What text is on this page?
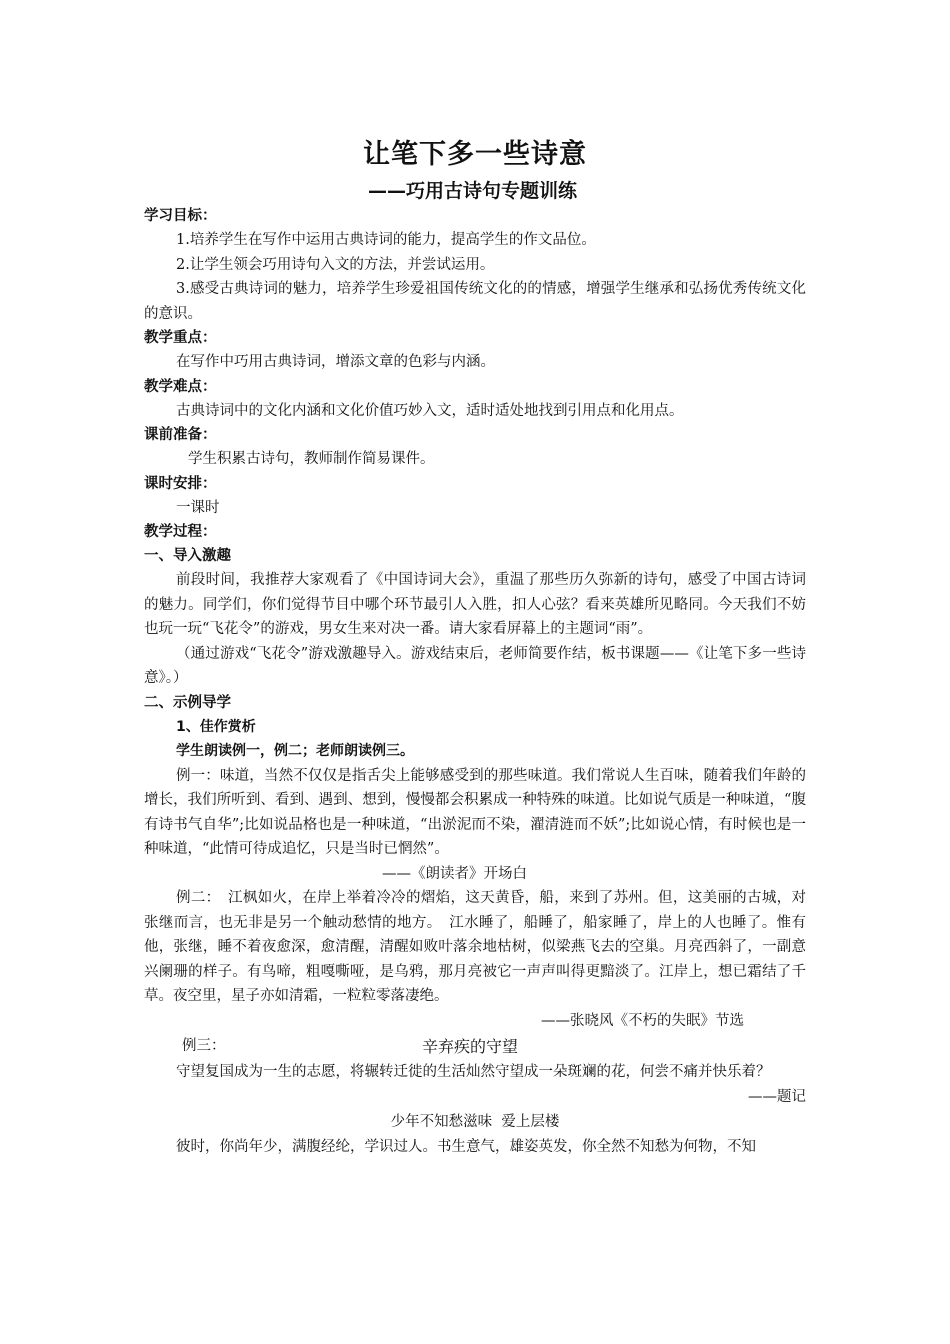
让笔下多一些诗意
——巧用古诗句专题训练
学习目标：

1.培养学生在写作中运用古典诗词的能力，提高学生的作文品位。

2.让学生领会巧用诗句入文的方法，并尝试运用。

3.感受古典诗词的魅力，培养学生珍爱祖国传统文化的的情感，增强学生继承和弘扬优秀传统文化的意识。

教学重点：

在写作中巧用古典诗词，增添文章的色彩与内涵。

教学难点：

古典诗词中的文化内涵和文化价值巧妙入文，适时适处地找到引用点和化用点。

课前准备：

学生积累古诗句，教师制作简易课件。

课时安排：

一课时

教学过程：
一、导入激趣

前段时间，我推荐大家观看了《中国诗词大会》，重温了那些历久弥新的诗句，感受了中国古诗词的魅力。同学们，你们觉得节目中哪个环节最引人入胜，扣人心弦？看来英雄所见略同。今天我们不妨也玩一玩“飞花令”的游戏，男女生来对决一番。请大家看屏幕上的主题词“雨”。

（通过游戏“飞花令”游戏激趣导入。游戏结束后，老师简要作结，板书课题——《让笔下多一些诗意》。）

二、示例导学
1、佳作赏析
学生朗读例一，例二；老师朗读例三。

例一：味道，当然不仅仅是指舌尖上能够感受到的那些味道。我们常说人生百味，随着我们年龄的增长，我们所听到、看到、遇到、想到，慢慢都会积累成一种特殊的味道。比如说气质是一种味道，“腹有诗书气自华”;比如说品格也是一种味道，“出淤泥而不染，濯清涟而不妖”;比如说心情，有时候也是一种味道，“此情可待成追忆，只是当时已惘然”。

——《朗读者》开场白

例二：　江枫如火，在岸上举着冷冷的熠焰，这天黄昏，船，来到了苏州。但，这美丽的古城，对张继而言，也无非是另一个触动愁情的地方。　江水睡了，船睡了，船家睡了，岸上的人也睡了。惟有他，张继，睡不着夜愈深，愈清醒，清醒如败叶落余地枯树，似梁燕飞去的空巢。月亮西斜了，一副意兴阑珊的样子。有鸟啼，粗嘎嘶哑，是乌鸦，那月亮被它一声声叫得更黯淡了。江岸上，想已霜结了千草。夜空里，星子亦如清霜，一粒粒零落凄绝。

——张晓风《不朽的失眠》节选

例三：	辛弃疾的守望

守望复国成为一生的志愿，将辗转迁徙的生活灿然守望成一朵斑斓的花，何尝不痛并快乐着？

——题记

少年不知愁滋味  爱上层楼

彼时，你尚年少，满腹经纶，学识过人。书生意气，雄姿英发，你全然不知愁为何物，不知
